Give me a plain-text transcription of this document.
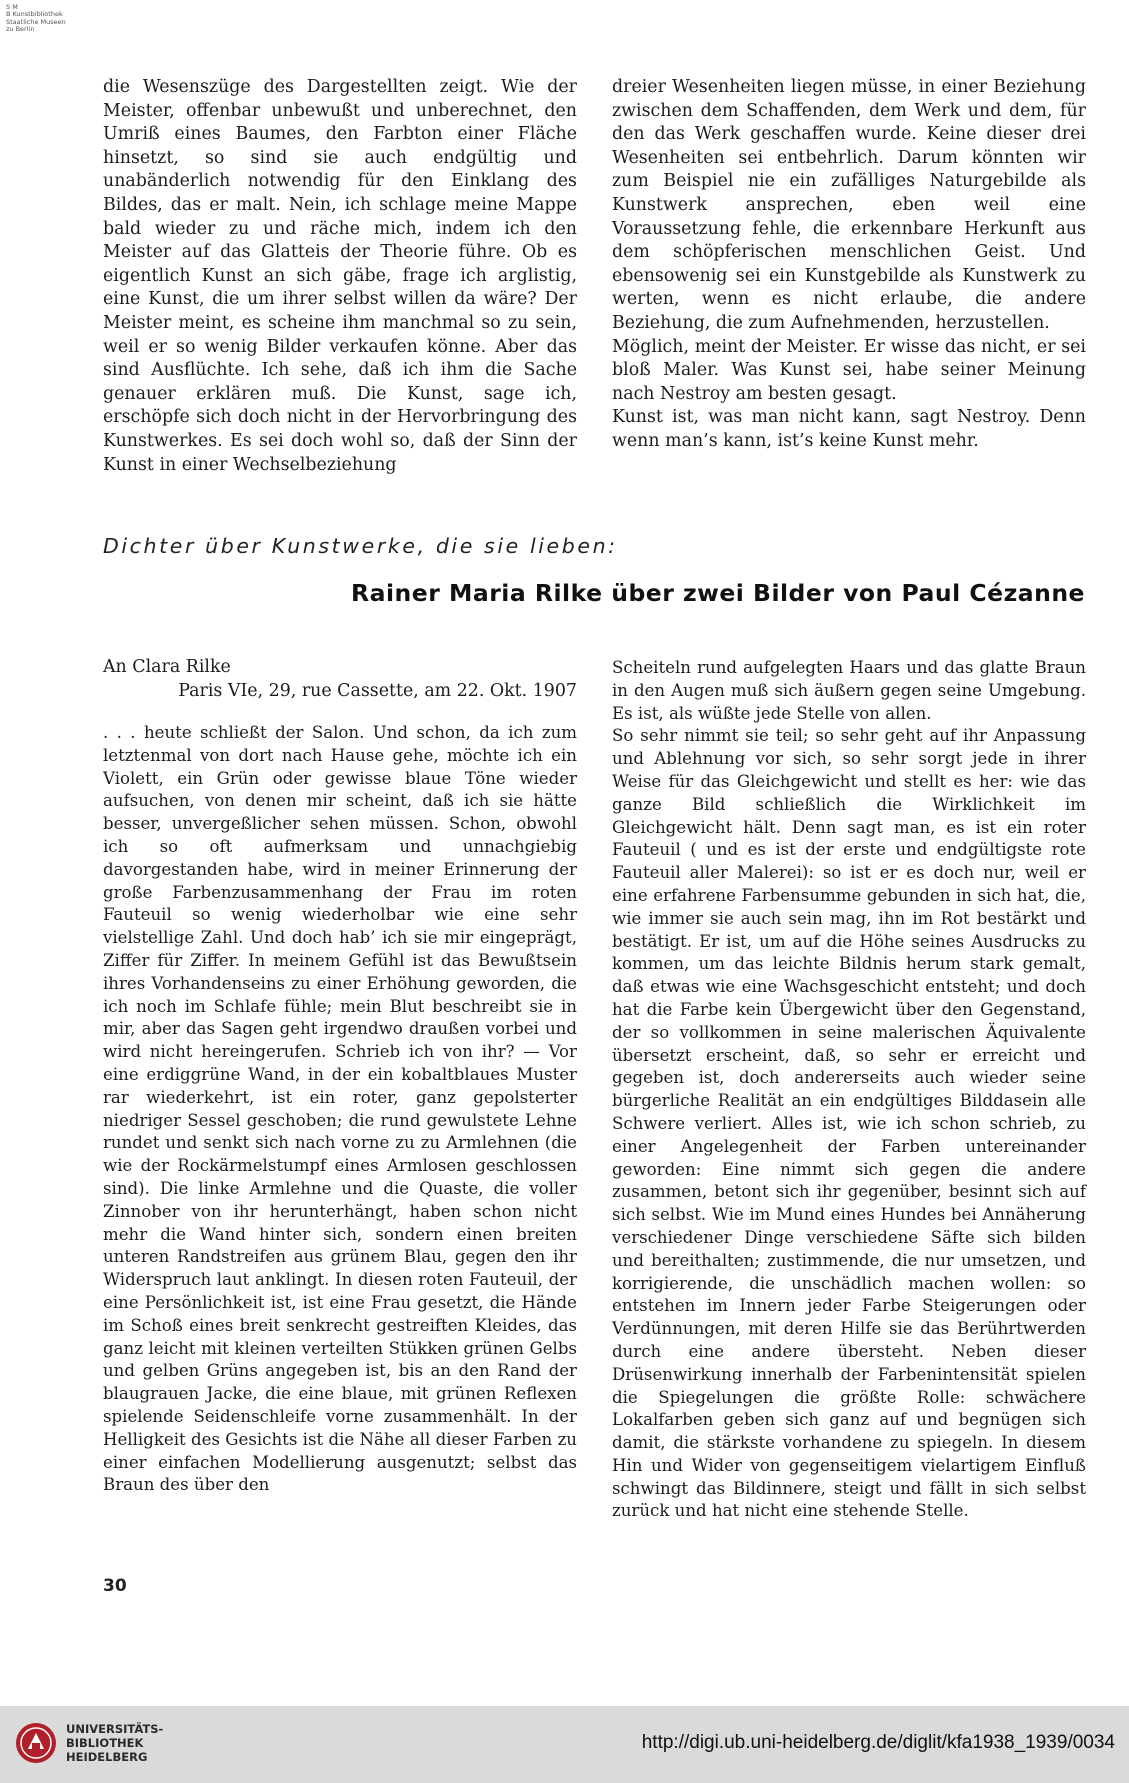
S M
B Kunstbibliothek
Staatliche Museen
zu Berlin

die Wesenszüge des Dargestellten zeigt. Wie der Meister, offenbar unbewußt und unberechnet, den Umriß eines Baumes, den Farbton einer Fläche hinsetzt, so sind sie auch endgültig und unabänderlich notwendig für den Einklang des Bildes, das er malt. Nein, ich schlage meine Mappe bald wieder zu und räche mich, indem ich den Meister auf das Glatteis der Theorie führe. Ob es eigentlich Kunst an sich gäbe, frage ich arglistig, eine Kunst, die um ihrer selbst willen da wäre? Der Meister meint, es scheine ihm manchmal so zu sein, weil er so wenig Bilder verkaufen könne. Aber das sind Ausflüchte. Ich sehe, daß ich ihm die Sache genauer erklären muß. Die Kunst, sage ich, erschöpfe sich doch nicht in der Hervorbringung des Kunstwerkes. Es sei doch wohl so, daß der Sinn der Kunst in einer Wechselbeziehung

dreier Wesenheiten liegen müsse, in einer Beziehung zwischen dem Schaffenden, dem Werk und dem, für den das Werk geschaffen wurde. Keine dieser drei Wesenheiten sei entbehrlich. Darum könnten wir zum Beispiel nie ein zufälliges Naturgebilde als Kunstwerk ansprechen, eben weil eine Voraussetzung fehle, die erkennbare Herkunft aus dem schöpferischen menschlichen Geist. Und ebensowenig sei ein Kunstgebilde als Kunstwerk zu werten, wenn es nicht erlaube, die andere Beziehung, die zum Aufnehmenden, herzustellen.

Möglich, meint der Meister. Er wisse das nicht, er sei bloß Maler. Was Kunst sei, habe seiner Meinung nach Nestroy am besten gesagt.

Kunst ist, was man nicht kann, sagt Nestroy. Denn wenn man’s kann, ist’s keine Kunst mehr.

Dichter über Kunstwerke, die sie lieben:
Rainer Maria Rilke über zwei Bilder von Paul Cézanne
An Clara Rilke
Paris VIe, 29, rue Cassette, am 22. Okt. 1907

. . . heute schließt der Salon. Und schon, da ich zum letztenmal von dort nach Hause gehe, möchte ich ein Violett, ein Grün oder gewisse blaue Töne wieder aufsuchen, von denen mir scheint, daß ich sie hätte besser, unvergeßlicher sehen müssen. Schon, obwohl ich so oft aufmerksam und unnachgiebig davorgestanden habe, wird in meiner Erinnerung der große Farbenzusammenhang der Frau im roten Fauteuil so wenig wiederholbar wie eine sehr vielstellige Zahl. Und doch hab’ ich sie mir eingeprägt, Ziffer für Ziffer. In meinem Gefühl ist das Bewußtsein ihres Vorhandenseins zu einer Erhöhung geworden, die ich noch im Schlafe fühle; mein Blut beschreibt sie in mir, aber das Sagen geht irgendwo draußen vorbei und wird nicht hereingerufen. Schrieb ich von ihr? — Vor eine erdiggrüne Wand, in der ein kobaltblaues Muster rar wiederkehrt, ist ein roter, ganz gepolsterter niedriger Sessel geschoben; die rund gewulstete Lehne rundet und senkt sich nach vorne zu zu Armlehnen (die wie der Rockärmelstumpf eines Armlosen geschlossen sind). Die linke Armlehne und die Quaste, die voller Zinnober von ihr herunterhängt, haben schon nicht mehr die Wand hinter sich, sondern einen breiten unteren Randstreifen aus grünem Blau, gegen den ihr Widerspruch laut anklingt. In diesen roten Fauteuil, der eine Persönlichkeit ist, ist eine Frau gesetzt, die Hände im Schoß eines breit senkrecht gestreiften Kleides, das ganz leicht mit kleinen verteilten Stükken grünen Gelbs und gelben Grüns angegeben ist, bis an den Rand der blaugrauen Jacke, die eine blaue, mit grünen Reflexen spielende Seidenschleife vorne zusammenhält. In der Helligkeit des Gesichts ist die Nähe all dieser Farben zu einer einfachen Modellierung ausgenutzt; selbst das Braun des über den

Scheiteln rund aufgelegten Haars und das glatte Braun in den Augen muß sich äußern gegen seine Umgebung. Es ist, als wüßte jede Stelle von allen.

So sehr nimmt sie teil; so sehr geht auf ihr Anpassung und Ablehnung vor sich, so sehr sorgt jede in ihrer Weise für das Gleichgewicht und stellt es her: wie das ganze Bild schließlich die Wirklichkeit im Gleichgewicht hält. Denn sagt man, es ist ein roter Fauteuil ( und es ist der erste und endgültigste rote Fauteuil aller Malerei): so ist er es doch nur, weil er eine erfahrene Farbensumme gebunden in sich hat, die, wie immer sie auch sein mag, ihn im Rot bestärkt und bestätigt. Er ist, um auf die Höhe seines Ausdrucks zu kommen, um das leichte Bildnis herum stark gemalt, daß etwas wie eine Wachsgeschicht entsteht; und doch hat die Farbe kein Übergewicht über den Gegenstand, der so vollkommen in seine malerischen Äquivalente übersetzt erscheint, daß, so sehr er erreicht und gegeben ist, doch andererseits auch wieder seine bürgerliche Realität an ein endgültiges Bilddasein alle Schwere verliert. Alles ist, wie ich schon schrieb, zu einer Angelegenheit der Farben untereinander geworden: Eine nimmt sich gegen die andere zusammen, betont sich ihr gegenüber, besinnt sich auf sich selbst. Wie im Mund eines Hundes bei Annäherung verschiedener Dinge verschiedene Säfte sich bilden und bereithalten; zustimmende, die nur umsetzen, und korrigierende, die unschädlich machen wollen: so entstehen im Innern jeder Farbe Steigerungen oder Verdünnungen, mit deren Hilfe sie das Berührtwerden durch eine andere übersteht. Neben dieser Drüsenwirkung innerhalb der Farbenintensität spielen die Spiegelungen die größte Rolle: schwächere Lokalfarben geben sich ganz auf und begnügen sich damit, die stärkste vorhandene zu spiegeln. In diesem Hin und Wider von gegenseitigem vielartigem Einfluß schwingt das Bildinnere, steigt und fällt in sich selbst zurück und hat nicht eine stehende Stelle.

30
UNIVERSITÄTS-
BIBLIOTHEK
HEIDELBERG
http://digi.ub.uni-heidelberg.de/diglit/kfa1938_1939/0034
